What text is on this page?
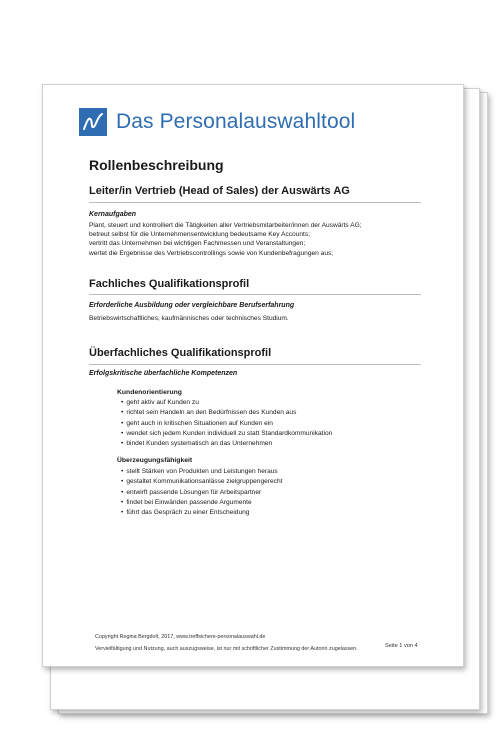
Das Personalauswahltool
Rollenbeschreibung
Leiter/in Vertrieb (Head of Sales) der Auswärts AG
Kernaufgaben
Plant, steuert und kontrolliert die Tätigkeiten aller Vertriebsmitarbeiter/innen der Auswärts AG;
betreut selbst für die Unternehmensentwicklung bedeutsame Key Accounts;
vertritt das Unternehmen bei wichtigen Fachmessen und Veranstaltungen;
wertet die Ergebnisse des Vertriebscontrollings sowie von Kundenbefragungen aus;
Fachliches Qualifikationsprofil
Erforderliche Ausbildung oder vergleichbare Berufserfahrung
Betriebswirtschaftliches, kaufmännisches oder technisches Studium.
Überfachliches Qualifikationsprofil
Erfolgskritische überfachliche Kompetenzen
Kundenorientierung
• geht aktiv auf Kunden zu
• richtet sein Handeln an den Bedürfnissen des Kunden aus
• geht auch in kritischen Situationen auf Kunden ein
• wendet sich jedem Kunden individuell zu statt Standardkommunikation
• bindet Kunden systematisch an das Unternehmen
Überzeugungsfähigkeit
• stellt Stärken von Produkten und Leistungen heraus
• gestaltet Kommunikationsanlässe zielgruppengerecht
• entwirft passende Lösungen für Arbeitspartner
• findet bei Einwänden passende Argumente
• führt das Gespräch zu einer Entscheidung
Copyright Regina Bergdolt, 2017, www.treffsichere-personalauswahl.de
Vervielfältigung und Nutzung, auch auszugsweise, ist nur mit schriftlicher Zustimmung der Autorin zugelassen.	Seite 1 von 4
